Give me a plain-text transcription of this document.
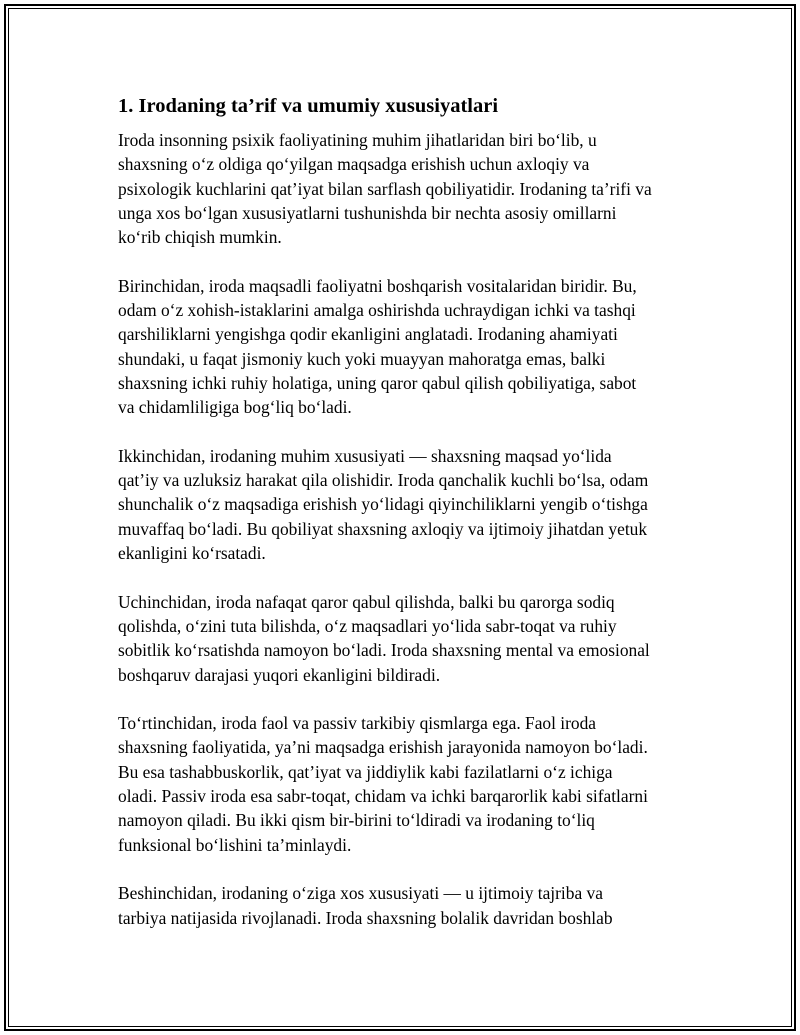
1. Irodaning ta’rif va umumiy xususiyatlari

Iroda insonning psixik faoliyatining muhim jihatlaridan biri bo‘lib, u
shaxsning o‘z oldiga qo‘yilgan maqsadga erishish uchun axloqiy va
psixologik kuchlarini qat’iyat bilan sarflash qobiliyatidir. Irodaning ta’rifi va
unga xos bo‘lgan xususiyatlarni tushunishda bir nechta asosiy omillarni
ko‘rib chiqish mumkin.

Birinchidan, iroda maqsadli faoliyatni boshqarish vositalaridan biridir. Bu,
odam o‘z xohish-istaklarini amalga oshirishda uchraydigan ichki va tashqi
qarshiliklarni yengishga qodir ekanligini anglatadi. Irodaning ahamiyati
shundaki, u faqat jismoniy kuch yoki muayyan mahoratga emas, balki
shaxsning ichki ruhiy holatiga, uning qaror qabul qilish qobiliyatiga, sabot
va chidamliligiga bog‘liq bo‘ladi.

Ikkinchidan, irodaning muhim xususiyati — shaxsning maqsad yo‘lida
qat’iy va uzluksiz harakat qila olishidir. Iroda qanchalik kuchli bo‘lsa, odam
shunchalik o‘z maqsadiga erishish yo‘lidagi qiyinchiliklarni yengib o‘tishga
muvaffaq bo‘ladi. Bu qobiliyat shaxsning axloqiy va ijtimoiy jihatdan yetuk
ekanligini ko‘rsatadi.

Uchinchidan, iroda nafaqat qaror qabul qilishda, balki bu qarorga sodiq
qolishda, o‘zini tuta bilishda, o‘z maqsadlari yo‘lida sabr-toqat va ruhiy
sobitlik ko‘rsatishda namoyon bo‘ladi. Iroda shaxsning mental va emosional
boshqaruv darajasi yuqori ekanligini bildiradi.

To‘rtinchidan, iroda faol va passiv tarkibiy qismlarga ega. Faol iroda
shaxsning faoliyatida, ya’ni maqsadga erishish jarayonida namoyon bo‘ladi.
Bu esa tashabbuskorlik, qat’iyat va jiddiylik kabi fazilatlarni o‘z ichiga
oladi. Passiv iroda esa sabr-toqat, chidam va ichki barqarorlik kabi sifatlarni
namoyon qiladi. Bu ikki qism bir-birini to‘ldiradi va irodaning to‘liq
funksional bo‘lishini ta’minlaydi.

Beshinchidan, irodaning o‘ziga xos xususiyati — u ijtimoiy tajriba va
tarbiya natijasida rivojlanadi. Iroda shaxsning bolalik davridan boshlab
